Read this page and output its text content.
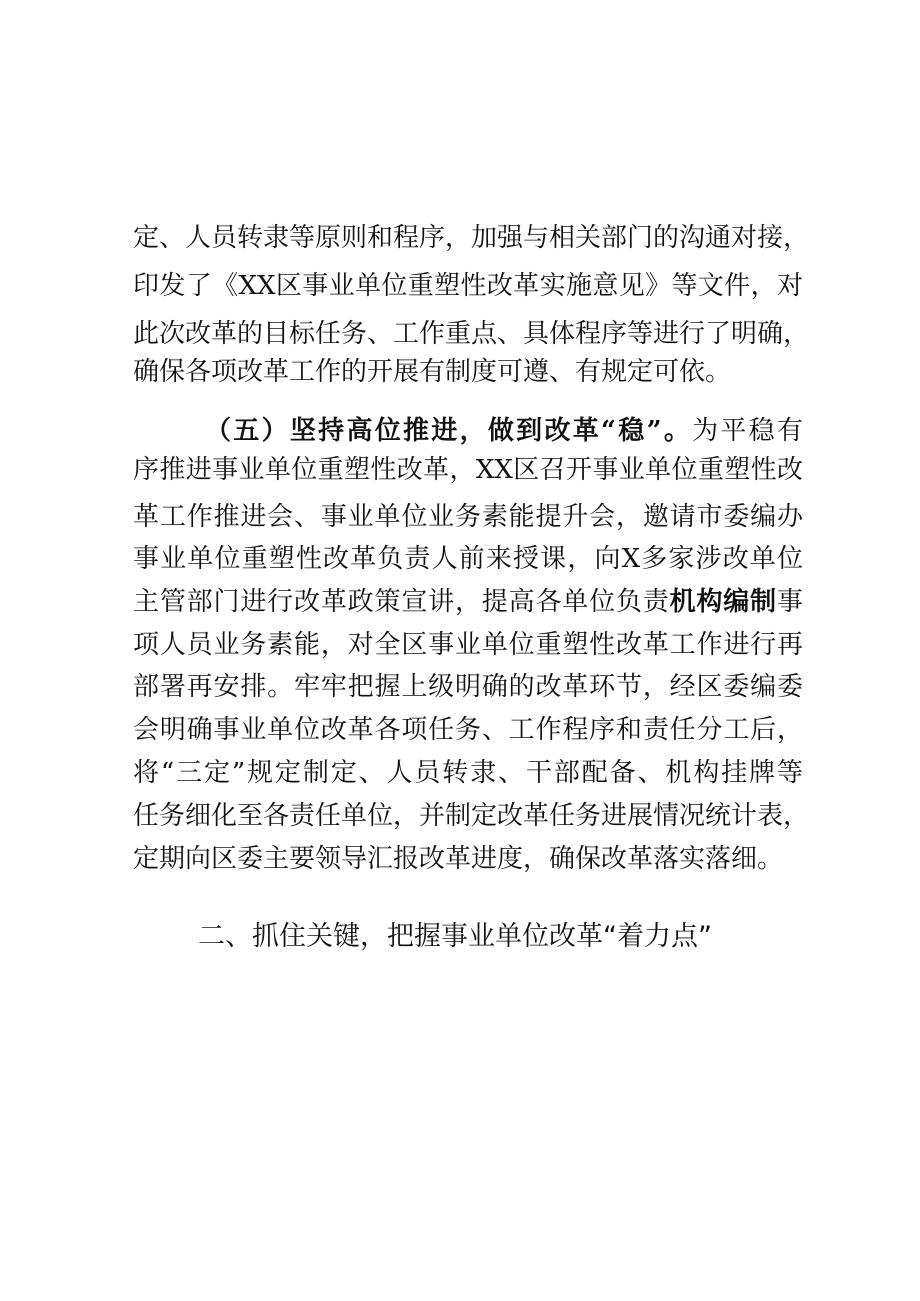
定、人员转隶等原则和程序，加强与相关部门的沟通对接，
印发了《XX区事业单位重塑性改革实施意见》等文件，对
此次改革的目标任务、工作重点、具体程序等进行了明确，
确保各项改革工作的开展有制度可遵、有规定可依。
（五）坚持高位推进，做到改革“稳”。为平稳有
序推进事业单位重塑性改革，XX区召开事业单位重塑性改
革工作推进会、事业单位业务素能提升会，邀请市委编办
事业单位重塑性改革负责人前来授课，向X多家涉改单位
主管部门进行改革政策宣讲，提高各单位负责机构编制事
项人员业务素能，对全区事业单位重塑性改革工作进行再
部署再安排。牢牢把握上级明确的改革环节，经区委编委
会明确事业单位改革各项任务、工作程序和责任分工后，
将“三定”规定制定、人员转隶、干部配备、机构挂牌等
任务细化至各责任单位，并制定改革任务进展情况统计表，
定期向区委主要领导汇报改革进度，确保改革落实落细。
二、抓住关键，把握事业单位改革“着力点”
